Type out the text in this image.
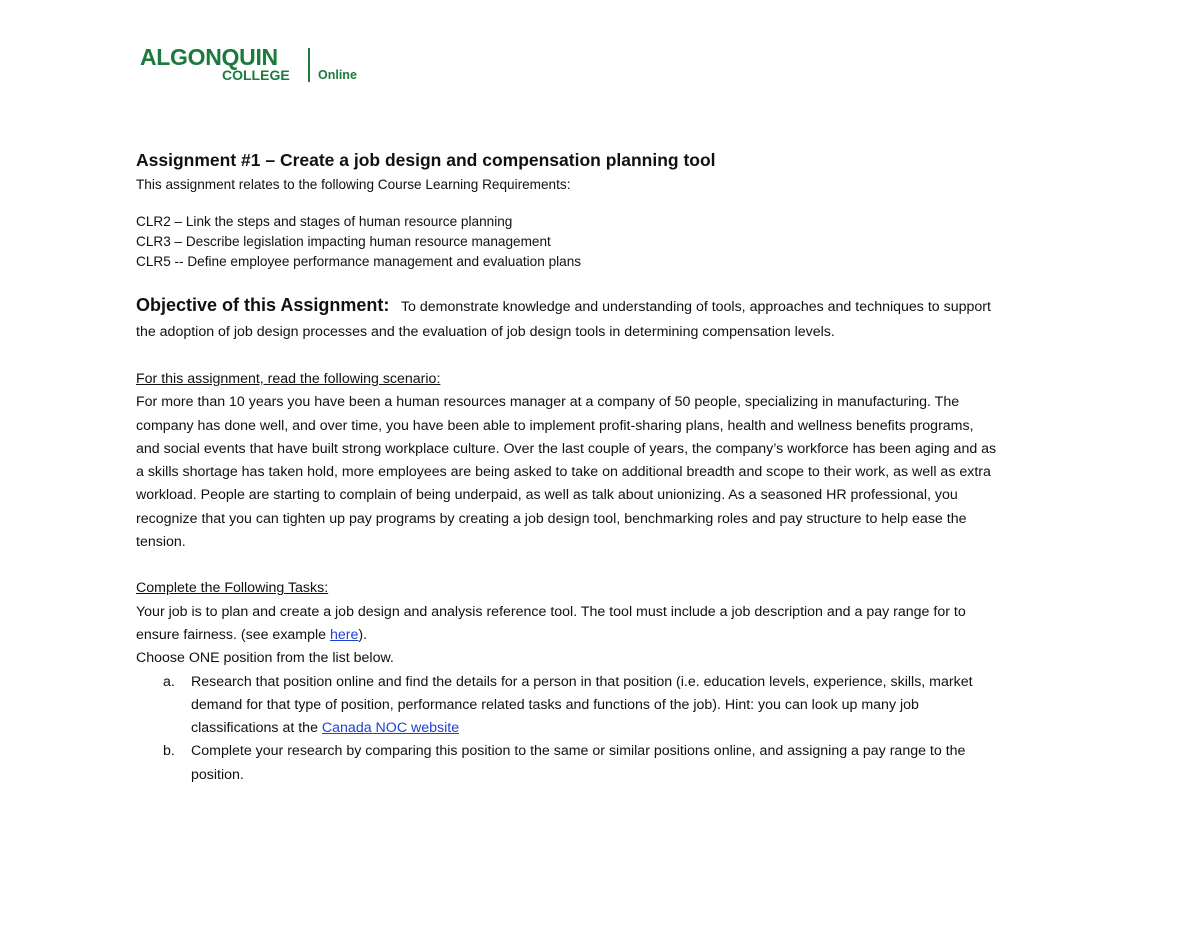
ALGONQUIN
COLLEGE Online

Assignment #1 – Create a job design and compensation planning tool

This assignment relates to the following Course Learning Requirements:

CLR2 – Link the steps and stages of human resource planning

CLR3 – Describe legislation impacting human resource management

CLR5 -- Define employee performance management and evaluation plans

Objective of this Assignment: To demonstrate knowledge and understanding of tools, approaches and techniques to support

the adoption of job design processes and the evaluation of job design tools in determining compensation levels.

For this assignment, read the following scenario:

For more than 10 years you have been a human resources manager at a company of 50 people, specializing in manufacturing. The

company has done well, and over time, you have been able to implement profit-sharing plans, health and wellness benefits programs,

and social events that have built strong workplace culture. Over the last couple of years, the company’s workforce has been aging and as

a skills shortage has taken hold, more employees are being asked to take on additional breadth and scope to their work, as well as extra

workload. People are starting to complain of being underpaid, as well as talk about unionizing. As a seasoned HR professional, you

recognize that you can tighten up pay programs by creating a job design tool, benchmarking roles and pay structure to help ease the

tension.

Complete the Following Tasks:

Your job is to plan and create a job design and analysis reference tool. The tool must include a job description and a pay range for to

ensure fairness. (see example here).

Choose ONE position from the list below.

a. Research that position online and find the details for a person in that position (i.e. education levels, experience, skills, market

demand for that type of position, performance related tasks and functions of the job). Hint: you can look up many job

classifications at the Canada NOC website

b. Complete your research by comparing this position to the same or similar positions online, and assigning a pay range to the

position.
